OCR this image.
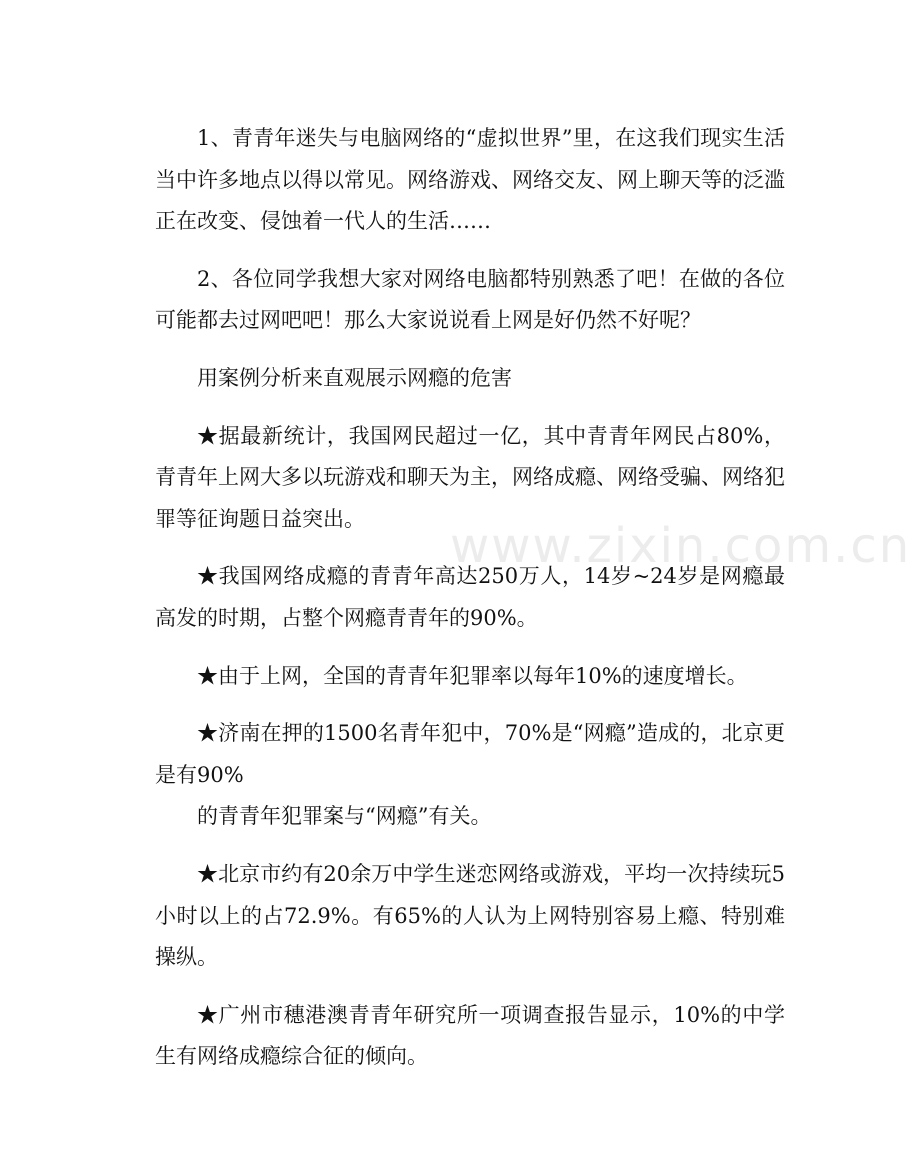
1、青青年迷失与电脑网络的“虚拟世界”里，在这我们现实生活当中许多地点以得以常见。网络游戏、网络交友、网上聊天等的泛滥正在改变、侵蚀着一代人的生活……

2、各位同学我想大家对网络电脑都特别熟悉了吧！在做的各位可能都去过网吧吧！那么大家说说看上网是好仍然不好呢？

用案例分析来直观展示网瘾的危害

★据最新统计，我国网民超过一亿，其中青青年网民占80%，青青年上网大多以玩游戏和聊天为主，网络成瘾、网络受骗、网络犯罪等征询题日益突出。

★我国网络成瘾的青青年高达250万人，14岁~24岁是网瘾最高发的时期，占整个网瘾青青年的90%。

★由于上网，全国的青青年犯罪率以每年10%的速度增长。

★济南在押的1500名青年犯中，70%是“网瘾”造成的，北京更是有90%

的青青年犯罪案与“网瘾”有关。

★北京市约有20余万中学生迷恋网络或游戏，平均一次持续玩5小时以上的占72.9%。有65%的人认为上网特别容易上瘾、特别难操纵。

★广州市穗港澳青青年研究所一项调查报告显示，10%的中学生有网络成瘾综合征的倾向。

www.zixin.com.cn
